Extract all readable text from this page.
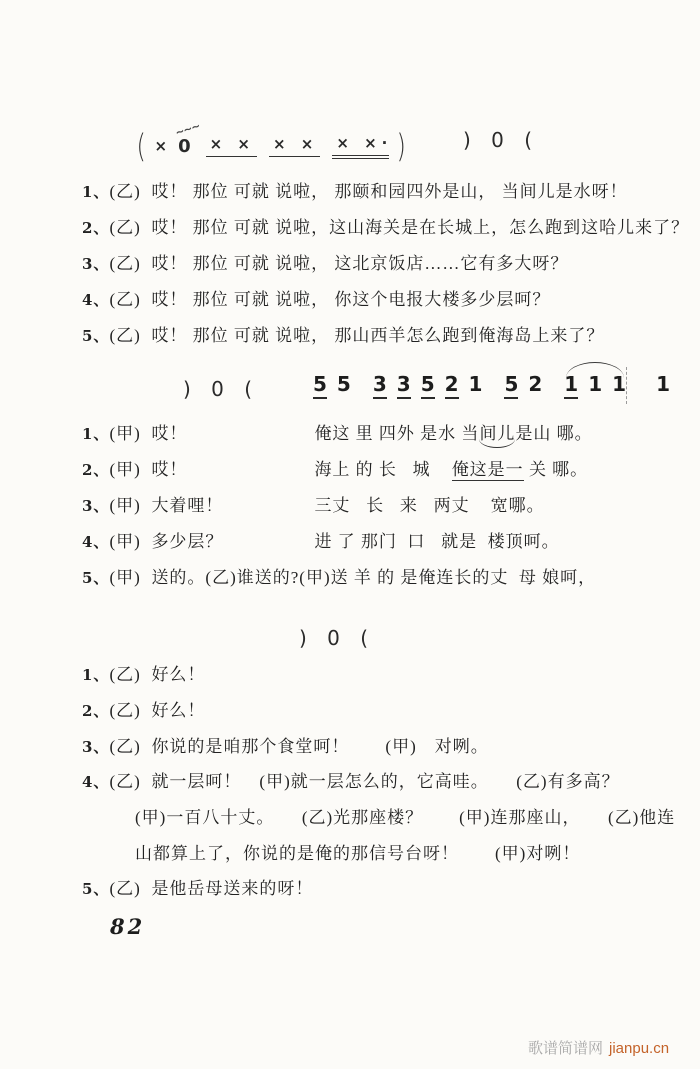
( ×
~~~
0 × × × × × ×· )	) 0 (
1、(乙) 哎！ 那位 可就 说啦， 那颐和园四外是山， 当间儿是水呀！
2、(乙) 哎！ 那位 可就 说啦，这山海关是在长城上，怎么跑到这哈儿来了？
3、(乙) 哎！ 那位 可就 说啦， 这北京饭店……它有多大呀？
4、(乙) 哎！ 那位 可就 说啦， 你这个电报大楼多少层呵？
5、(乙) 哎！ 那位 可就 说啦， 那山西羊怎么跑到俺海岛上来了？
) 0 (	5 5 3 3 5 2 1 5 2 1 1 1 1
1、(甲) 哎！	俺这 里 四外 是水 当间儿是山 哪。
2、(甲) 哎！	海上 的 长   城    俺这是一 关 哪。
3、(甲) 大着哩！	三丈   长   来   两丈    宽哪。
4、(甲) 多少层？	进 了 那门  口   就是  楼顶呵。
5、(甲) 送的。(乙)谁送的?(甲)送 羊 的 是俺连长的丈  母 娘呵，
) 0 (
1、(乙) 好么！
2、(乙) 好么！
3、(乙) 你说的是咱那个食堂呵！　　(甲)　对咧。
4、(乙) 就一层呵！　(甲)就一层怎么的，它高哇。　　(乙)有多高？
(甲)一百八十丈。　　(乙)光那座楼？　　(甲)连那座山，　　(乙)他连
山都算上了，你说的是俺的那信号台呀！　　(甲)对咧！
5、(乙) 是他岳母送来的呀！
82
歌谱简谱网 jianpu.cn
